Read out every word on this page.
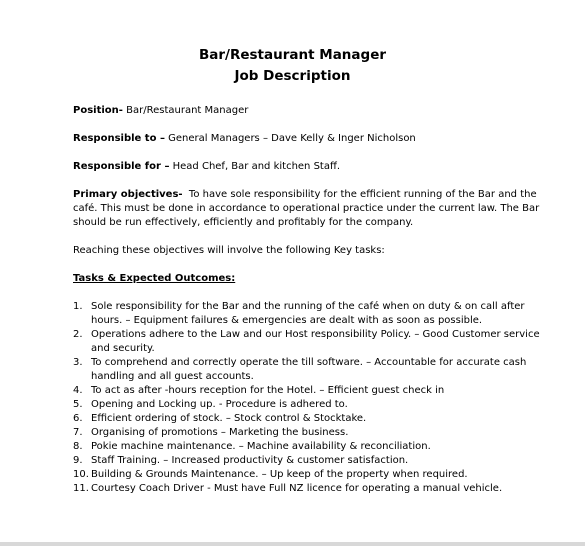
Bar/Restaurant Manager
Job Description
Position- Bar/Restaurant Manager
Responsible to – General Managers – Dave Kelly & Inger Nicholson
Responsible for – Head Chef, Bar and kitchen Staff.
Primary objectives-  To have sole responsibility for the efficient running of the Bar and the
café. This must be done in accordance to operational practice under the current law. The Bar
should be run effectively, efficiently and profitably for the company.
Reaching these objectives will involve the following Key tasks:
Tasks & Expected Outcomes:
1. Sole responsibility for the Bar and the running of the café when on duty & on call after
hours. – Equipment failures & emergencies are dealt with as soon as possible.
2. Operations adhere to the Law and our Host responsibility Policy. – Good Customer service
and security.
3. To comprehend and correctly operate the till software. – Accountable for accurate cash
handling and all guest accounts.
4. To act as after -hours reception for the Hotel. – Efficient guest check in
5. Opening and Locking up. - Procedure is adhered to.
6. Efficient ordering of stock. – Stock control & Stocktake.
7. Organising of promotions – Marketing the business.
8. Pokie machine maintenance. – Machine availability & reconciliation.
9. Staff Training. – Increased productivity & customer satisfaction.
10. Building & Grounds Maintenance. – Up keep of the property when required.
11. Courtesy Coach Driver - Must have Full NZ licence for operating a manual vehicle.
